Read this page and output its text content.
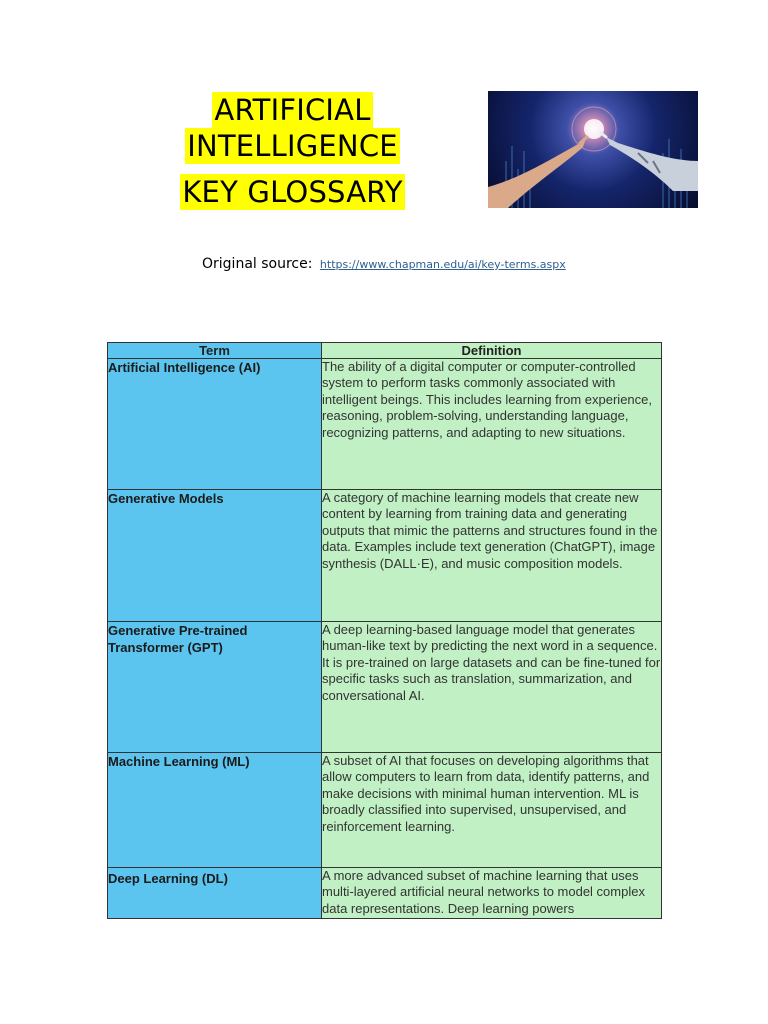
ARTIFICIAL
INTELLIGENCE
KEY GLOSSARY
Original source: https://www.chapman.edu/ai/key-terms.aspx
Term	Definition
Artificial Intelligence (AI)	The ability of a digital computer or computer-controlled system to perform tasks commonly associated with intelligent beings. This includes learning from experience, reasoning, problem-solving, understanding language, recognizing patterns, and adapting to new situations.
Generative Models	A category of machine learning models that create new content by learning from training data and generating outputs that mimic the patterns and structures found in the data. Examples include text generation (ChatGPT), image synthesis (DALL·E), and music composition models.
Generative Pre-trained Transformer (GPT)	A deep learning-based language model that generates human-like text by predicting the next word in a sequence. It is pre-trained on large datasets and can be fine-tuned for specific tasks such as translation, summarization, and conversational AI.
Machine Learning (ML)	A subset of AI that focuses on developing algorithms that allow computers to learn from data, identify patterns, and make decisions with minimal human intervention. ML is broadly classified into supervised, unsupervised, and reinforcement learning.
Deep Learning (DL)	A more advanced subset of machine learning that uses multi-layered artificial neural networks to model complex data representations. Deep learning powers
